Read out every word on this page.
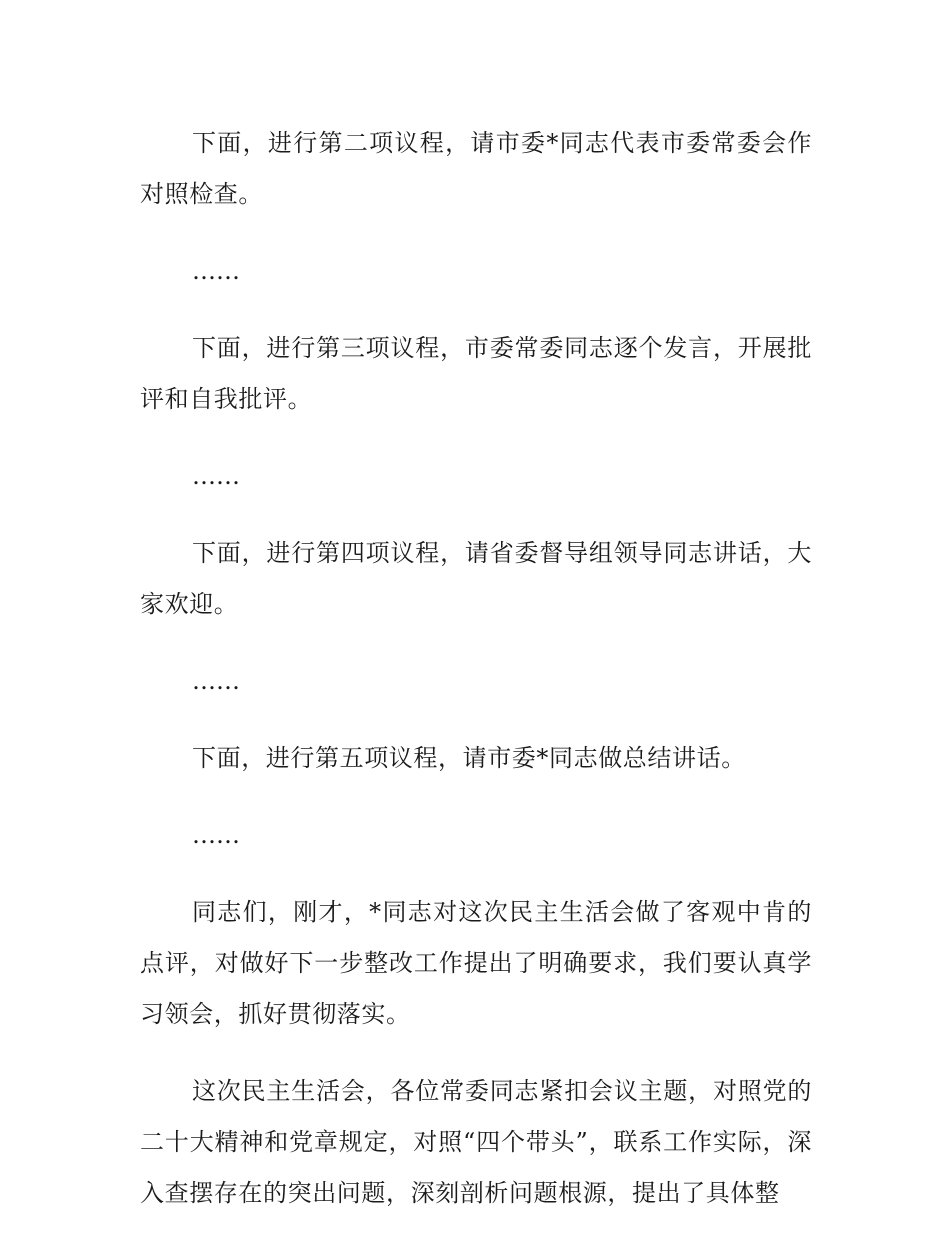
下面，进行第二项议程，请市委*同志代表市委常委会作对照检查。

……

下面，进行第三项议程，市委常委同志逐个发言，开展批评和自我批评。

……

下面，进行第四项议程，请省委督导组领导同志讲话，大家欢迎。

……

下面，进行第五项议程，请市委*同志做总结讲话。

……

同志们，刚才，*同志对这次民主生活会做了客观中肯的点评，对做好下一步整改工作提出了明确要求，我们要认真学习领会，抓好贯彻落实。

这次民主生活会，各位常委同志紧扣会议主题，对照党的二十大精神和党章规定，对照“四个带头”，联系工作实际，深入查摆存在的突出问题，深刻剖析问题根源，提出了具体整
